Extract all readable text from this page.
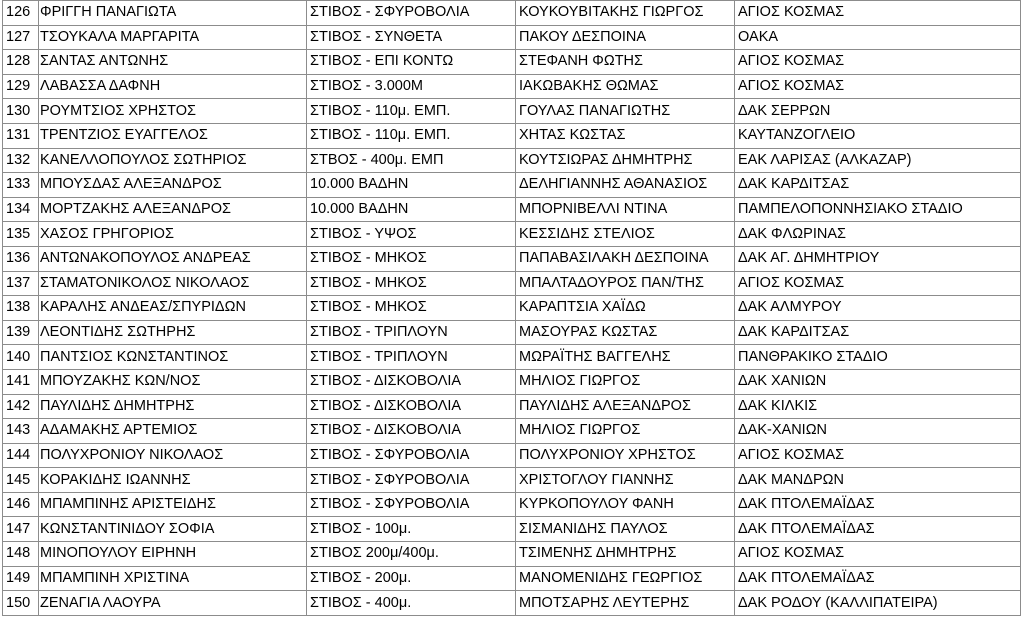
126	ΦΡΙΓΓΗ ΠΑΝΑΓΙΩΤΑ	ΣΤΙΒΟΣ - ΣΦΥΡΟΒΟΛΙΑ	ΚΟΥΚΟΥΒΙΤΑΚΗΣ ΓΙΩΡΓΟΣ	ΑΓΙΟΣ ΚΟΣΜΑΣ
127	ΤΣΟΥΚΑΛΑ ΜΑΡΓΑΡΙΤΑ	ΣΤΙΒΟΣ - ΣΥΝΘΕΤΑ	ΠΑΚΟΥ ΔΕΣΠΟΙΝΑ	ΟΑΚΑ
128	ΣΑΝΤΑΣ ΑΝΤΩΝΗΣ	ΣΤΙΒΟΣ - ΕΠΙ ΚΟΝΤΩ	ΣΤΕΦΑΝΗ ΦΩΤΗΣ	ΑΓΙΟΣ ΚΟΣΜΑΣ
129	ΛΑΒΑΣΣΑ ΔΑΦΝΗ	ΣΤΙΒΟΣ - 3.000Μ	ΙΑΚΩΒΑΚΗΣ ΘΩΜΑΣ	ΑΓΙΟΣ ΚΟΣΜΑΣ
130	ΡΟΥΜΤΣΙΟΣ ΧΡΗΣΤΟΣ	ΣΤΙΒΟΣ - 110μ. ΕΜΠ.	ΓΟΥΛΑΣ ΠΑΝΑΓΙΩΤΗΣ	ΔΑΚ ΣΕΡΡΩΝ
131	ΤΡΕΝΤΖΙΟΣ ΕΥΑΓΓΕΛΟΣ	ΣΤΙΒΟΣ - 110μ. ΕΜΠ.	ΧΗΤΑΣ ΚΩΣΤΑΣ	ΚΑΥΤΑΝΖΟΓΛΕΙΟ
132	ΚΑΝΕΛΛΟΠΟΥΛΟΣ ΣΩΤΗΡΙΟΣ	ΣΤΒΟΣ - 400μ. ΕΜΠ	ΚΟΥΤΣΙΩΡΑΣ ΔΗΜΗΤΡΗΣ	ΕΑΚ ΛΑΡΙΣΑΣ (ΑΛΚΑΖΑΡ)
133	ΜΠΟΥΣΔΑΣ ΑΛΕΞΑΝΔΡΟΣ	10.000 ΒΑΔΗΝ	ΔΕΛΗΓΙΑΝΝΗΣ ΑΘΑΝΑΣΙΟΣ	ΔΑΚ ΚΑΡΔΙΤΣΑΣ
134	ΜΟΡΤΖΑΚΗΣ ΑΛΕΞΑΝΔΡΟΣ	10.000 ΒΑΔΗΝ	ΜΠΟΡΝΙΒΕΛΛΙ ΝΤΙΝΑ	ΠΑΜΠΕΛΟΠΟΝΝΗΣΙΑΚΟ ΣΤΑΔΙΟ
135	ΧΑΣΟΣ ΓΡΗΓΟΡΙΟΣ	ΣΤΙΒΟΣ - ΥΨΟΣ	ΚΕΣΣΙΔΗΣ ΣΤΕΛΙΟΣ	ΔΑΚ ΦΛΩΡΙΝΑΣ
136	ΑΝΤΩΝΑΚΟΠΟΥΛΟΣ ΑΝΔΡΕΑΣ	ΣΤΙΒΟΣ - ΜΗΚΟΣ	ΠΑΠΑΒΑΣΙΛΑΚΗ ΔΕΣΠΟΙΝΑ	ΔΑΚ ΑΓ. ΔΗΜΗΤΡΙΟΥ
137	ΣΤΑΜΑΤΟΝΙΚΟΛΟΣ ΝΙΚΟΛΑΟΣ	ΣΤΙΒΟΣ - ΜΗΚΟΣ	ΜΠΑΛΤΑΔΟΥΡΟΣ ΠΑΝ/ΤΗΣ	ΑΓΙΟΣ ΚΟΣΜΑΣ
138	ΚΑΡΑΛΗΣ ΑΝΔΕΑΣ/ΣΠΥΡΙΔΩΝ	ΣΤΙΒΟΣ - ΜΗΚΟΣ	ΚΑΡΑΠΤΣΙΑ ΧΑΪΔΩ	ΔΑΚ ΑΛΜΥΡΟΥ
139	ΛΕΟΝΤΙΔΗΣ ΣΩΤΗΡΗΣ	ΣΤΙΒΟΣ - ΤΡΙΠΛΟΥΝ	ΜΑΣΟΥΡΑΣ ΚΩΣΤΑΣ	ΔΑΚ ΚΑΡΔΙΤΣΑΣ
140	ΠΑΝΤΣΙΟΣ ΚΩΝΣΤΑΝΤΙΝΟΣ	ΣΤΙΒΟΣ - ΤΡΙΠΛΟΥΝ	ΜΩΡΑΪΤΗΣ ΒΑΓΓΕΛΗΣ	ΠΑΝΘΡΑΚΙΚΟ ΣΤΑΔΙΟ
141	ΜΠΟΥΖΑΚΗΣ ΚΩΝ/ΝΟΣ	ΣΤΙΒΟΣ - ΔΙΣΚΟΒΟΛΙΑ	ΜΗΛΙΟΣ ΓΙΩΡΓΟΣ	ΔΑΚ ΧΑΝΙΩΝ
142	ΠΑΥΛΙΔΗΣ ΔΗΜΗΤΡΗΣ	ΣΤΙΒΟΣ - ΔΙΣΚΟΒΟΛΙΑ	ΠΑΥΛΙΔΗΣ ΑΛΕΞΑΝΔΡΟΣ	ΔΑΚ ΚΙΛΚΙΣ
143	ΑΔΑΜΑΚΗΣ ΑΡΤΕΜΙΟΣ	ΣΤΙΒΟΣ - ΔΙΣΚΟΒΟΛΙΑ	ΜΗΛΙΟΣ ΓΙΩΡΓΟΣ	ΔΑΚ-ΧΑΝΙΩΝ
144	ΠΟΛΥΧΡΟΝΙΟΥ ΝΙΚΟΛΑΟΣ	ΣΤΙΒΟΣ - ΣΦΥΡΟΒΟΛΙΑ	ΠΟΛΥΧΡΟΝΙΟΥ ΧΡΗΣΤΟΣ	ΑΓΙΟΣ ΚΟΣΜΑΣ
145	ΚΟΡΑΚΙΔΗΣ ΙΩΑΝΝΗΣ	ΣΤΙΒΟΣ - ΣΦΥΡΟΒΟΛΙΑ	ΧΡΙΣΤΟΓΛΟΥ ΓΙΑΝΝΗΣ	ΔΑΚ ΜΑΝΔΡΩΝ
146	ΜΠΑΜΠΙΝΗΣ ΑΡΙΣΤΕΙΔΗΣ	ΣΤΙΒΟΣ - ΣΦΥΡΟΒΟΛΙΑ	ΚΥΡΚΟΠΟΥΛΟΥ ΦΑΝΗ	ΔΑΚ ΠΤΟΛΕΜΑΪΔΑΣ
147	ΚΩΝΣΤΑΝΤΙΝΙΔΟΥ ΣΟΦΙΑ	ΣΤΙΒΟΣ - 100μ.	ΣΙΣΜΑΝΙΔΗΣ ΠΑΥΛΟΣ	ΔΑΚ ΠΤΟΛΕΜΑΪΔΑΣ
148	ΜΙΝΟΠΟΥΛΟΥ ΕΙΡΗΝΗ	ΣΤΙΒΟΣ 200μ/400μ.	ΤΣΙΜΕΝΗΣ ΔΗΜΗΤΡΗΣ	ΑΓΙΟΣ ΚΟΣΜΑΣ
149	ΜΠΑΜΠΙΝΗ ΧΡΙΣΤΙΝΑ	ΣΤΙΒΟΣ - 200μ.	ΜΑΝΟΜΕΝΙΔΗΣ ΓΕΩΡΓΙΟΣ	ΔΑΚ ΠΤΟΛΕΜΑΪΔΑΣ
150	ΖΕΝΑΓΙΑ ΛΑΟΥΡΑ	ΣΤΙΒΟΣ - 400μ.	ΜΠΟΤΣΑΡΗΣ ΛΕΥΤΕΡΗΣ	ΔΑΚ ΡΟΔΟΥ (ΚΑΛΛΙΠΑΤΕΙΡΑ)
